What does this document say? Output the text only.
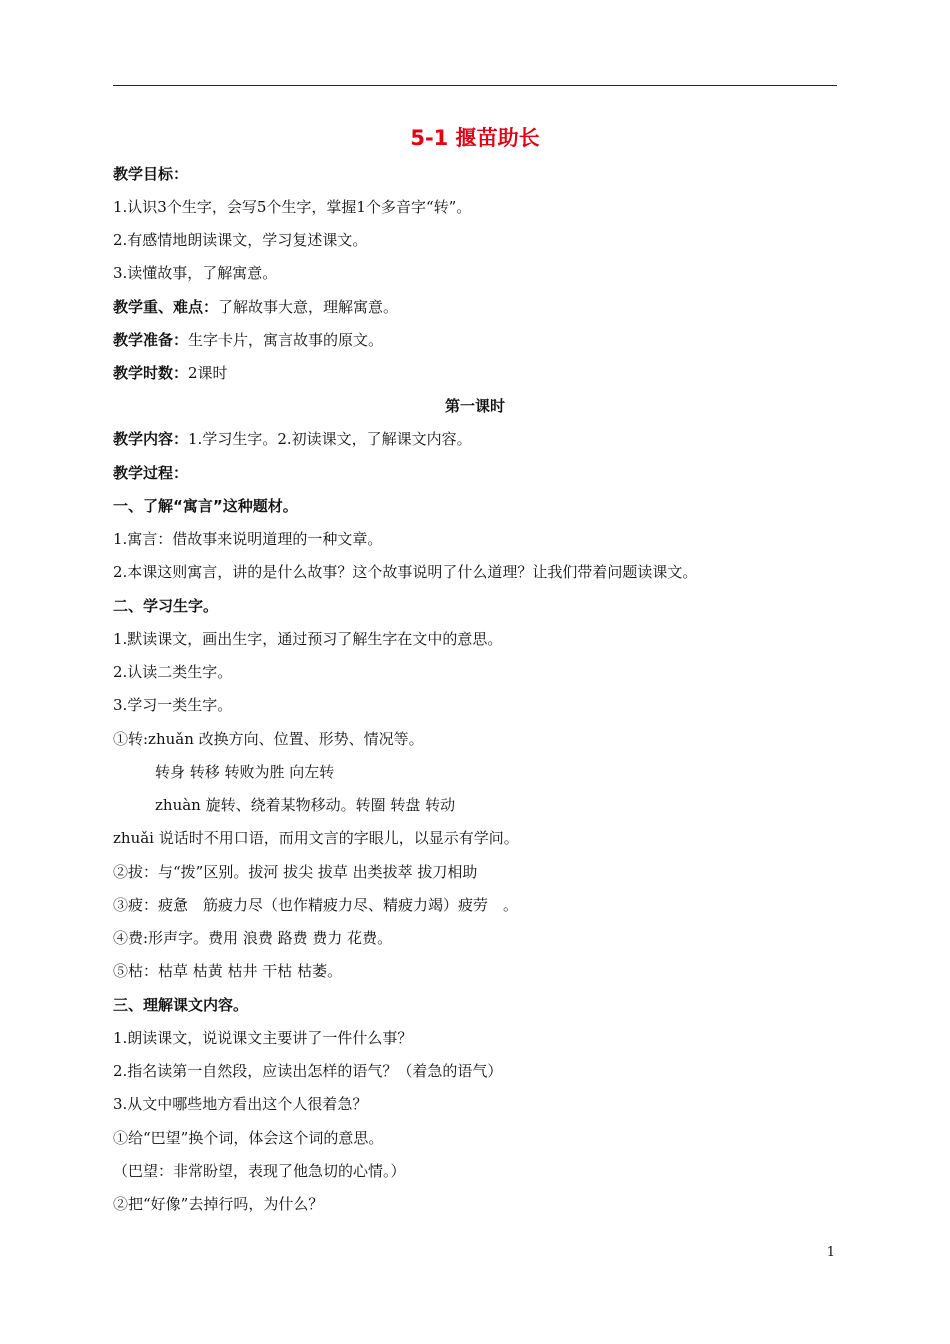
5-1 揠苗助长
教学目标：
1.认识3个生字，会写5个生字，掌握1个多音字“转”。
2.有感情地朗读课文，学习复述课文。
3.读懂故事，了解寓意。
教学重、难点：了解故事大意，理解寓意。
教学准备：生字卡片，寓言故事的原文。
教学时数：2课时
第一课时
教学内容：1.学习生字。2.初读课文，了解课文内容。
教学过程：
一、了解“寓言”这种题材。
1.寓言：借故事来说明道理的一种文章。
2.本课这则寓言，讲的是什么故事？这个故事说明了什么道理？让我们带着问题读课文。
二、学习生字。
1.默读课文，画出生字，通过预习了解生字在文中的意思。
2.认读二类生字。
3.学习一类生字。
①转:zhuǎn 改换方向、位置、形势、情况等。
转身 转移 转败为胜 向左转
zhuàn 旋转、绕着某物移动。转圈 转盘 转动
zhuǎi 说话时不用口语，而用文言的字眼儿，以显示有学问。
②拔：与“拨”区别。拔河 拔尖 拔草 出类拔萃 拔刀相助
③疲：疲惫　筋疲力尽（也作精疲力尽、精疲力竭）疲劳　。
④费:形声字。费用 浪费 路费 费力 花费。
⑤枯：枯草 枯黄 枯井 干枯 枯萎。
三、理解课文内容。
1.朗读课文，说说课文主要讲了一件什么事？
2.指名读第一自然段，应读出怎样的语气？（着急的语气）
3.从文中哪些地方看出这个人很着急？
①给“巴望”换个词，体会这个词的意思。
（巴望：非常盼望，表现了他急切的心情。）
②把“好像”去掉行吗，为什么？
1
